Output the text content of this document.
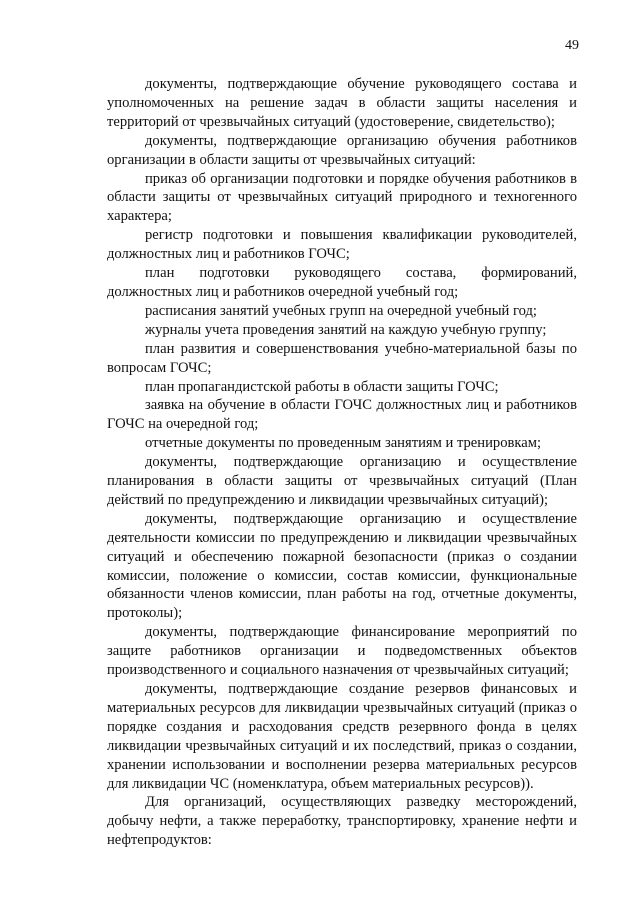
49

документы, подтверждающие обучение руководящего состава и уполномоченных на решение задач в области защиты населения и территорий от чрезвычайных ситуаций (удостоверение, свидетельство);

документы, подтверждающие организацию обучения работников организации в области защиты от чрезвычайных ситуаций:

приказ об организации подготовки и порядке обучения работников в области защиты от чрезвычайных ситуаций природного и техногенного характера;

регистр подготовки и повышения квалификации руководителей, должностных лиц и работников ГОЧС;

план подготовки руководящего состава, формирований, должностных лиц и работников очередной учебный год;

расписания занятий учебных групп на очередной учебный год;

журналы учета проведения занятий на каждую учебную группу;

план развития и совершенствования учебно-материальной базы по вопросам ГОЧС;

план пропагандистской работы в области защиты ГОЧС;

заявка на обучение в области ГОЧС должностных лиц и работников ГОЧС на очередной год;

отчетные документы по проведенным занятиям и тренировкам;

документы, подтверждающие организацию и осуществление планирования в области защиты от чрезвычайных ситуаций (План действий по предупреждению и ликвидации чрезвычайных ситуаций);

документы, подтверждающие организацию и осуществление деятельности комиссии по предупреждению и ликвидации чрезвычайных ситуаций и обеспечению пожарной безопасности (приказ о создании комиссии, положение о комиссии, состав комиссии, функциональные обязанности членов комиссии, план работы на год, отчетные документы, протоколы);

документы, подтверждающие финансирование мероприятий по защите работников организации и подведомственных объектов производственного и социального назначения от чрезвычайных ситуаций;

документы, подтверждающие создание резервов финансовых и материальных ресурсов для ликвидации чрезвычайных ситуаций (приказ о порядке создания и расходования средств резервного фонда в целях ликвидации чрезвычайных ситуаций и их последствий, приказ о создании, хранении использовании и восполнении резерва материальных ресурсов для ликвидации ЧС (номенклатура, объем материальных ресурсов)).

Для организаций, осуществляющих разведку месторождений, добычу нефти, а также переработку, транспортировку, хранение нефти и нефтепродуктов:
